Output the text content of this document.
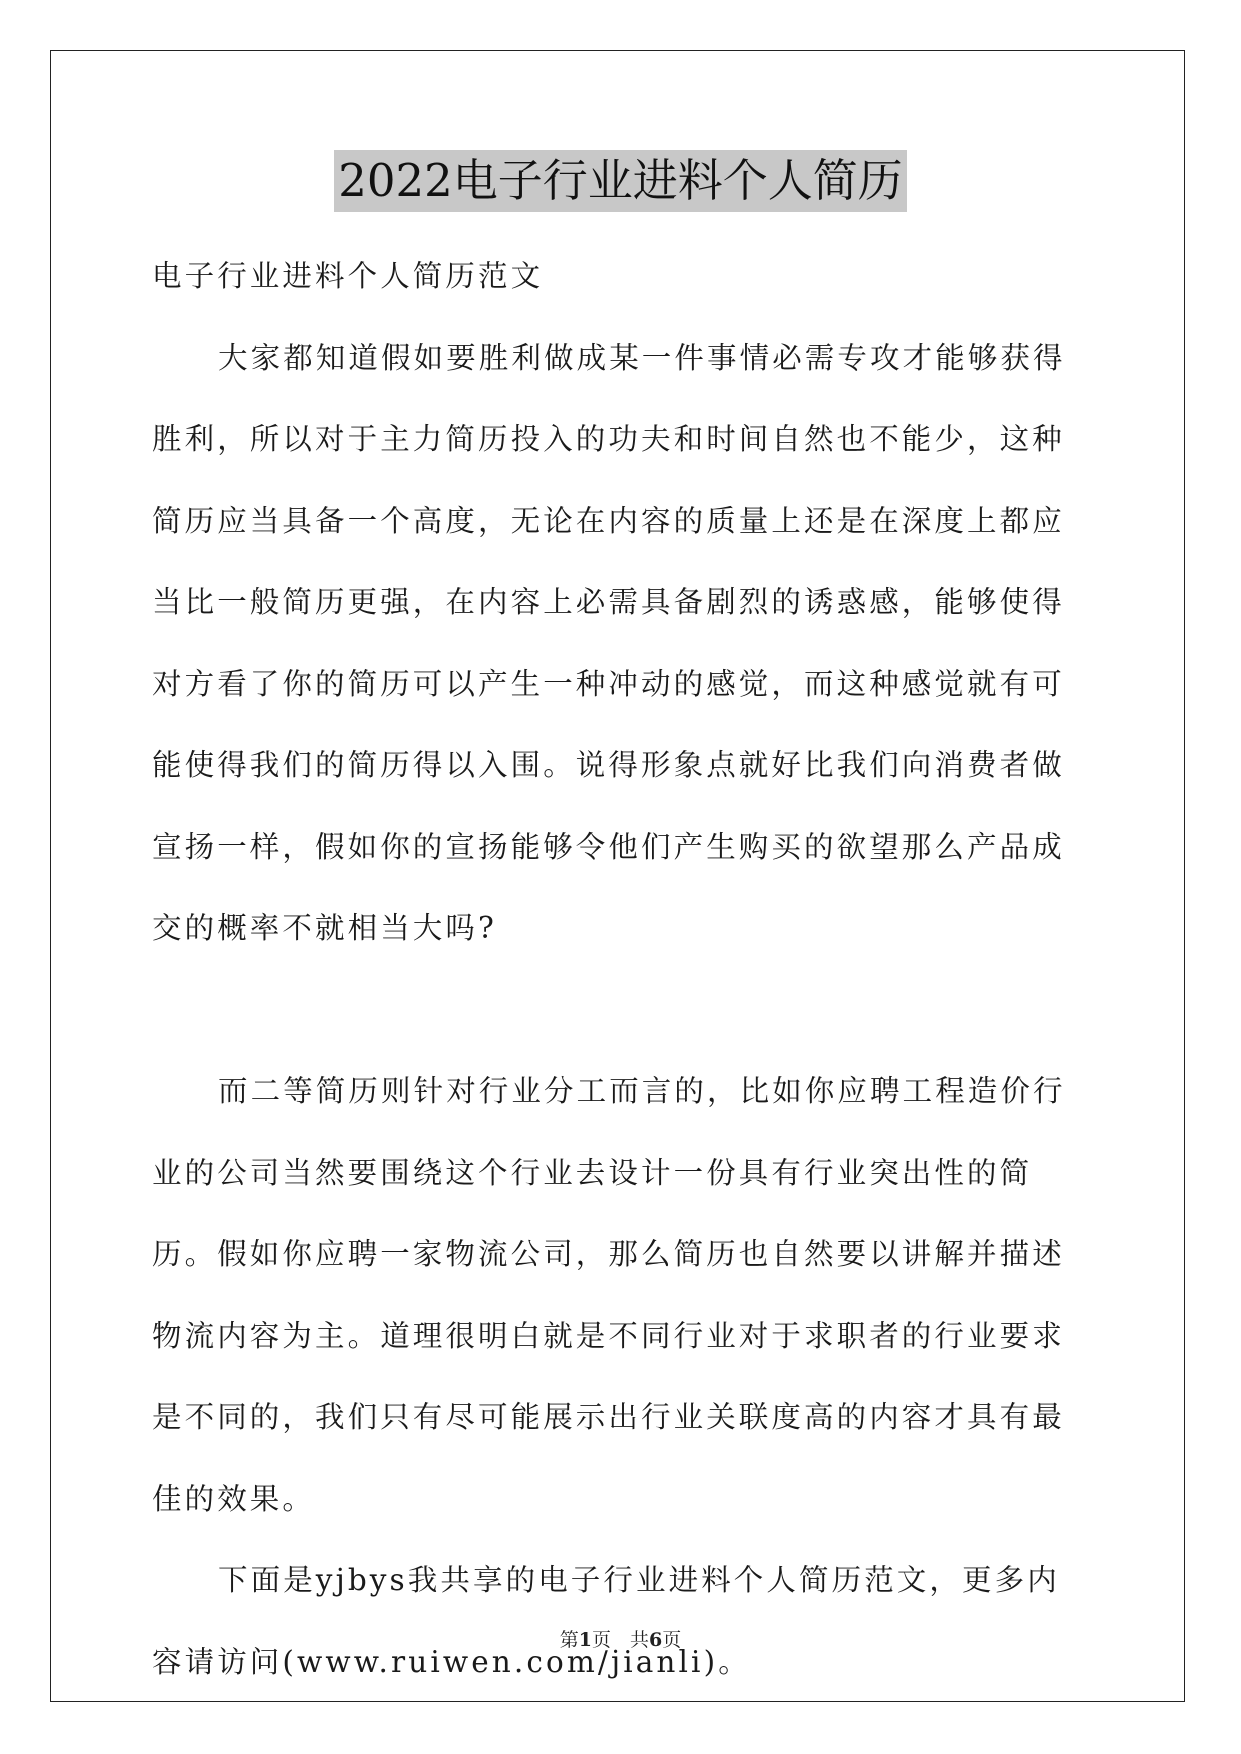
2022电子行业进料个人简历

电子行业进料个人简历范文

大家都知道假如要胜利做成某一件事情必需专攻才能够获得胜利，所以对于主力简历投入的功夫和时间自然也不能少，这种简历应当具备一个高度，无论在内容的质量上还是在深度上都应当比一般简历更强，在内容上必需具备剧烈的诱惑感，能够使得对方看了你的简历可以产生一种冲动的感觉，而这种感觉就有可能使得我们的简历得以入围。说得形象点就好比我们向消费者做宣扬一样，假如你的宣扬能够令他们产生购买的欲望那么产品成交的概率不就相当大吗?

而二等简历则针对行业分工而言的，比如你应聘工程造价行业的公司当然要围绕这个行业去设计一份具有行业突出性的简历。假如你应聘一家物流公司，那么简历也自然要以讲解并描述物流内容为主。道理很明白就是不同行业对于求职者的行业要求是不同的，我们只有尽可能展示出行业关联度高的内容才具有最佳的效果。

下面是yjbys我共享的电子行业进料个人简历范文，更多内容请访问(www.ruiwen.com/jianli)。

第1页　共6页
